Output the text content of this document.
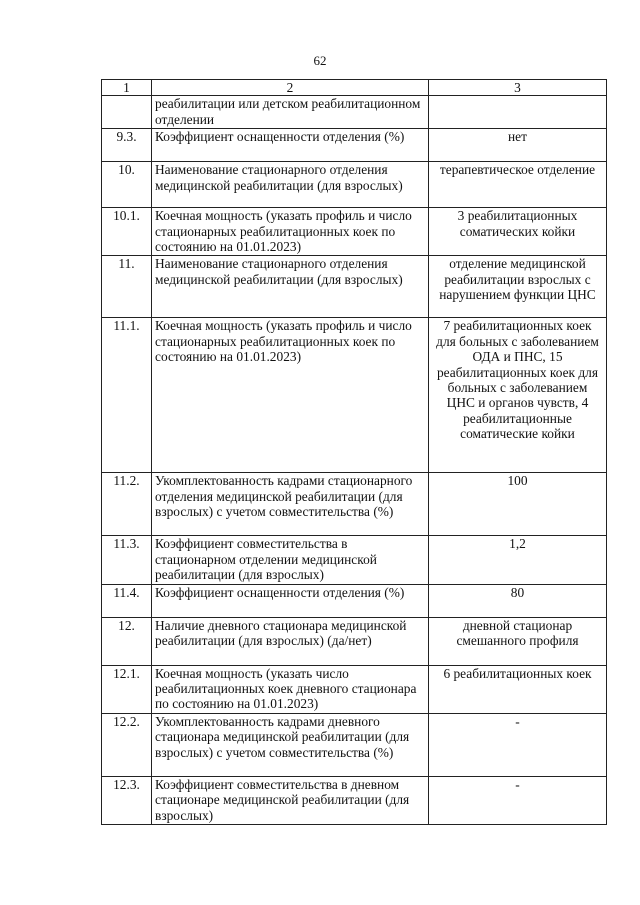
62
1	2	3
	реабилитации или детском реабилитационном отделении	
9.3.	Коэффициент оснащенности отделения (%)	нет
10.	Наименование стационарного отделения медицинской реабилитации (для взрослых)	терапевтическое отделение
10.1.	Коечная мощность (указать профиль и число стационарных реабилитационных коек по состоянию на 01.01.2023)	3 реабилитационных соматических койки
11.	Наименование стационарного отделения медицинской реабилитации (для взрослых)	отделение медицинской реабилитации взрослых с нарушением функции ЦНС
11.1.	Коечная мощность (указать профиль и число стационарных реабилитационных коек по состоянию на 01.01.2023)	7 реабилитационных коек для больных с заболеванием ОДА и ПНС, 15 реабилитационных коек для больных с заболеванием ЦНС и органов чувств, 4 реабилитационные соматические койки
11.2.	Укомплектованность кадрами стационарного отделения медицинской реабилитации (для взрослых) с учетом совместительства (%)	100
11.3.	Коэффициент совместительства в стационарном отделении медицинской реабилитации (для взрослых)	1,2
11.4.	Коэффициент оснащенности отделения (%)	80
12.	Наличие дневного стационара медицинской реабилитации (для взрослых) (да/нет)	дневной стационар смешанного профиля
12.1.	Коечная мощность (указать число реабилитационных коек дневного стационара по состоянию на 01.01.2023)	6 реабилитационных коек
12.2.	Укомплектованность кадрами дневного стационара медицинской реабилитации (для взрослых) с учетом совместительства (%)	-
12.3.	Коэффициент совместительства в дневном стационаре медицинской реабилитации (для взрослых)	-
